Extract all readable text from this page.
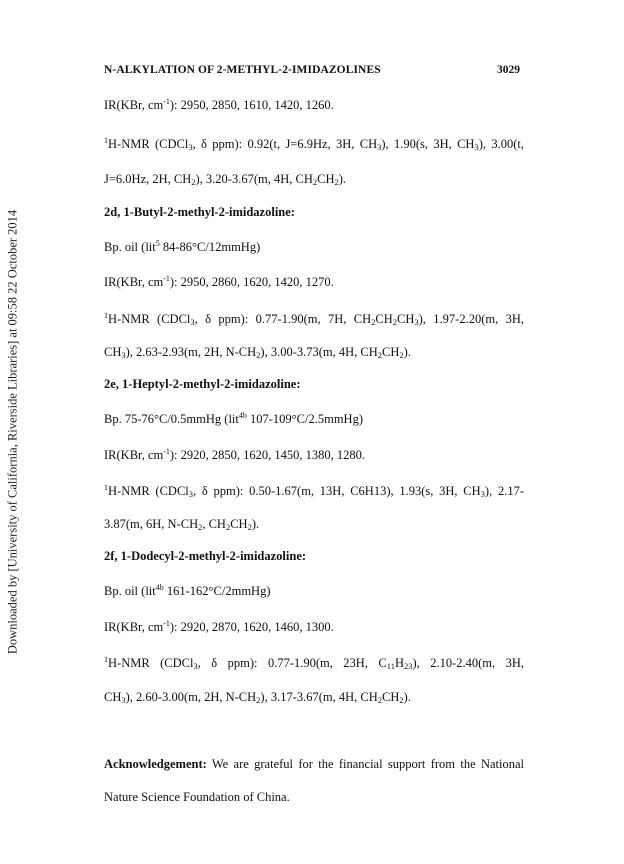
Downloaded by [University of California, Riverside Libraries] at 09:58 22 October 2014
N-ALKYLATION OF 2-METHYL-2-IMIDAZOLINES	3029
IR(KBr, $cm^{-1}$): 2950, 2850, 1610, 1420, 1260.
$^1$H-NMR (CDCl$_3$, δ ppm): 0.92(t, J=6.9Hz, 3H, $CH_3$), 1.90(s, 3H, $CH_3$), 3.00(t,
J=6.0Hz, 2H, $CH_2$), 3.20-3.67(m, 4H, $CH_2CH_2$).
2d, 1-Butyl-2-methyl-2-imidazoline:
Bp. oil (lit$^5$ 84-86°C/12mmHg)
IR(KBr, $cm^{-1}$): 2950, 2860, 1620, 1420, 1270.
$^1$H-NMR (CDCl$_3$, δ ppm): 0.77-1.90(m, 7H, $CH_2CH_2CH_3$), 1.97-2.20(m, 3H,
$CH_3$), 2.63-2.93(m, 2H, $N-CH_2$), 3.00-3.73(m, 4H, $CH_2CH_2$).
2e, 1-Heptyl-2-methyl-2-imidazoline:
Bp. 75-76°C/0.5mmHg (lit$^{4b}$ 107-109°C/2.5mmHg)
IR(KBr, $cm^{-1}$): 2920, 2850, 1620, 1450, 1380, 1280.
$^1$H-NMR (CDCl$_3$, δ ppm): 0.50-1.67(m, 13H, C6H13), 1.93(s, 3H, $CH_3$), 2.17-
3.87(m, 6H, $N-CH_2$, $CH_2CH_2$).
2f, 1-Dodecyl-2-methyl-2-imidazoline:
Bp. oil (lit$^{4b}$ 161-162°C/2mmHg)
IR(KBr, $cm^{-1}$): 2920, 2870, 1620, 1460, 1300.
$^1$H-NMR (CDCl$_3$, δ ppm): 0.77-1.90(m, 23H, $C_{11}H_{23}$), 2.10-2.40(m, 3H,
$CH_3$), 2.60-3.00(m, 2H, $N-CH_2$), 3.17-3.67(m, 4H, $CH_2CH_2$).
Acknowledgement: We are grateful for the financial support from the National
Nature Science Foundation of China.
